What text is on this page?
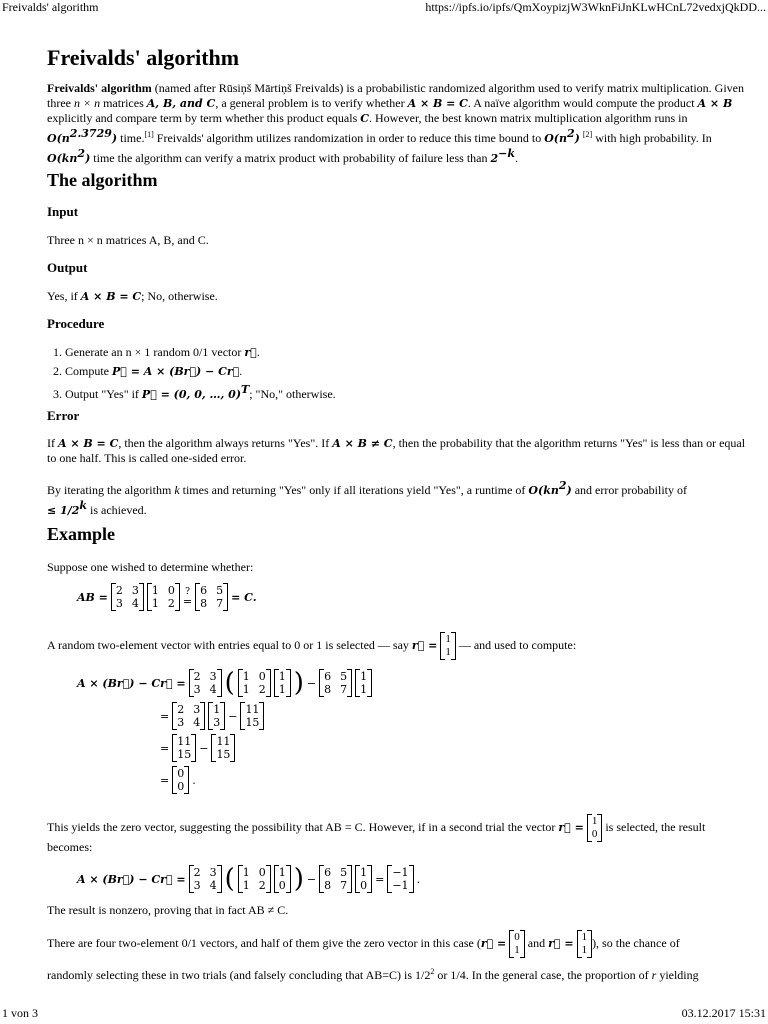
Freivalds' algorithm	https://ipfs.io/ipfs/QmXoypizjW3WknFiJnKLwHCnL72vedxjQkDD...
Freivalds' algorithm

Freivalds' algorithm (named after Rūsiņš Mārtiņš Freivalds) is a probabilistic randomized algorithm used to verify matrix multiplication. Given three n × n matrices A, B, and C, a general problem is to verify whether A × B = C. A naïve algorithm would compute the product A × B explicitly and compare term by term whether this product equals C. However, the best known matrix multiplication algorithm runs in $O(n^{2.3729})$ time.[1] Freivalds' algorithm utilizes randomization in order to reduce this time bound to $O(n^2)$ [2] with high probability. In $O(kn^2)$ time the algorithm can verify a matrix product with probability of failure less than $2^{-k}$.

The algorithm
Input

Three n × n matrices A, B, and C.

Output

Yes, if A × B = C; No, otherwise.

Procedure
1. Generate an n × 1 random 0/1 vector r⃗.
2. Compute P⃗ = A × (Br⃗) − Cr⃗.
3. Output "Yes" if P⃗ = (0, 0, …, 0)$^T$; "No," otherwise.
Error

If A × B = C, then the algorithm always returns "Yes". If A × B ≠ C, then the probability that the algorithm returns "Yes" is less than or equal to one half. This is called one-sided error.

By iterating the algorithm k times and returning "Yes" only if all iterations yield "Yes", a runtime of $O(kn^2)$ and error probability of
≤ $1/2^k$ is achieved.

Example

Suppose one wished to determine whether:

AB = 2 3
3 4
1 0
1 2
?
=
6 5
8 7 = C.

A random two-element vector with entries equal to 0 or 1 is selected — say r⃗ = 1
1
— and used to compute:

A × (Br⃗) − Cr⃗ = 2 3
3 4 ( 1 0
1 2
1
1 ) − 6 5
8 7
1
1
= 2 3
3 4
1
3 − 11
15
= 11
15 − 11
15
= 0
0 .

This yields the zero vector, suggesting the possibility that AB = C. However, if in a second trial the vector r⃗ = 1
0
is selected, the result

becomes:

A × (Br⃗) − Cr⃗ = 2 3
3 4 ( 1 0
1 2
1
0 ) − 6 5
8 7
1
0 = −1
−1 .

The result is nonzero, proving that in fact AB ≠ C.

There are four two-element 0/1 vectors, and half of them give the zero vector in this case (r⃗ = 0
1
and r⃗ = 1
1
), so the chance of
randomly selecting these in two trials (and falsely concluding that AB=C) is $1/2^2$ or 1/4. In the general case, the proportion of r yielding

1 von 3	03.12.2017 15:31
